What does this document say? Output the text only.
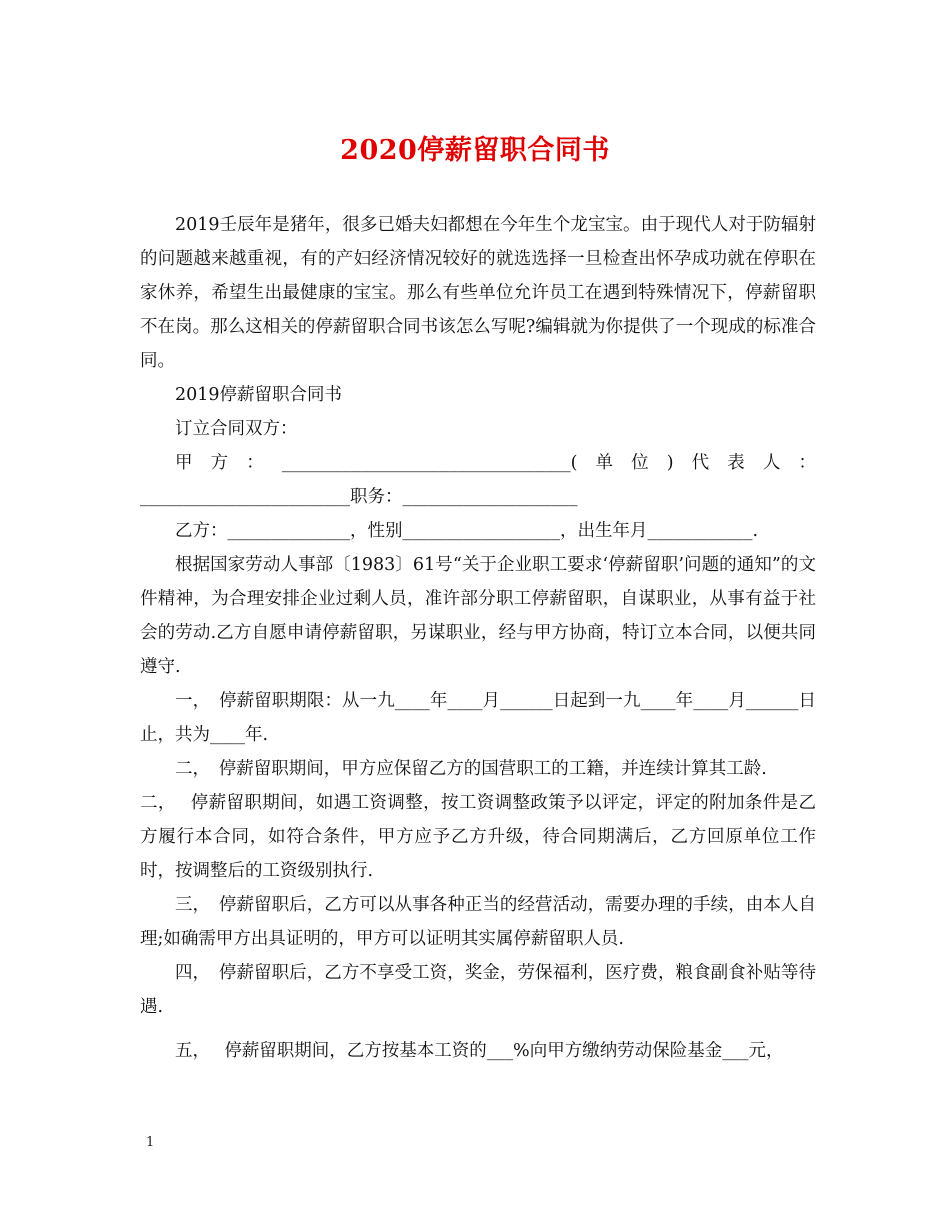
2020停薪留职合同书

2019壬辰年是猪年，很多已婚夫妇都想在今年生个龙宝宝。由于现代人对于防辐射的问题越来越重视，有的产妇经济情况较好的就选选择一旦检查出怀孕成功就在停职在家休养，希望生出最健康的宝宝。那么有些单位允许员工在遇到特殊情况下，停薪留职不在岗。那么这相关的停薪留职合同书该怎么写呢?编辑就为你提供了一个现成的标准合同。

2019停薪留职合同书

订立合同双方：

甲方：_________________________________(单位)代表人：________________________职务：____________________

乙方：______________，性别__________________，出生年月____________.

根据国家劳动人事部〔1983〕61号“关于企业职工要求‘停薪留职’问题的通知”的文件精神，为合理安排企业过剩人员，准许部分职工停薪留职，自谋职业，从事有益于社会的劳动.乙方自愿申请停薪留职，另谋职业，经与甲方协商，特订立本合同，以便共同遵守.

一，　停薪留职期限：从一九____年____月______日起到一九____年____月______日止，共为____年.

二，　停薪留职期间，甲方应保留乙方的国营职工的工籍，并连续计算其工龄.

二，　 停薪留职期间，如遇工资调整，按工资调整政策予以评定，评定的附加条件是乙方履行本合同，如符合条件，甲方应予乙方升级，待合同期满后，乙方回原单位工作时，按调整后的工资级别执行.

三，　停薪留职后，乙方可以从事各种正当的经营活动，需要办理的手续，由本人自理;如确需甲方出具证明的，甲方可以证明其实属停薪留职人员.

四，　停薪留职后，乙方不享受工资，奖金，劳保福利，医疗费，粮食副食补贴等待遇.

五，　 停薪留职期间，乙方按基本工资的___%向甲方缴纳劳动保险基金___元，

1
